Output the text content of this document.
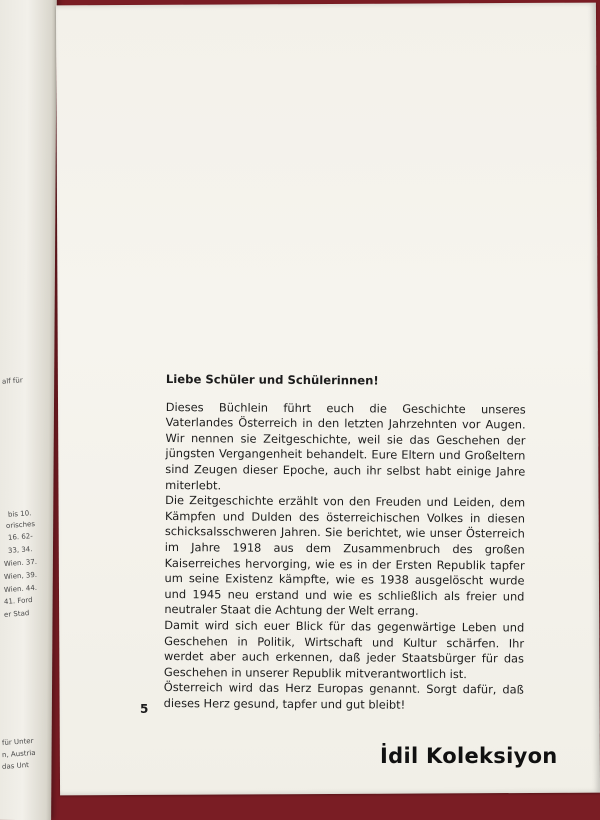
alf für
bis 10.
orisches
16. 62-
33, 34.
Wien. 37.
Wien, 39.
Wien. 44.
41. Ford
er Stad
für Unter
n, Austria
das Unt
Liebe Schüler und Schülerinnen!

Dieses Büchlein führt euch die Geschichte unseres Vaterlandes Österreich in den letzten Jahrzehnten vor Augen. Wir nennen sie Zeitgeschichte, weil sie das Geschehen der jüngsten Vergangenheit behandelt. Eure Eltern und Großeltern sind Zeugen dieser Epoche, auch ihr selbst habt einige Jahre miterlebt.

Die Zeitgeschichte erzählt von den Freuden und Leiden, dem Kämpfen und Dulden des österreichischen Volkes in diesen schicksalsschweren Jahren. Sie berichtet, wie unser Österreich im Jahre 1918 aus dem Zusammenbruch des großen Kaiserreiches hervorging, wie es in der Ersten Republik tapfer um seine Existenz kämpfte, wie es 1938 ausgelöscht wurde und 1945 neu erstand und wie es schließlich als freier und neutraler Staat die Achtung der Welt errang.

Damit wird sich euer Blick für das gegenwärtige Leben und Geschehen in Politik, Wirtschaft und Kultur schärfen. Ihr werdet aber auch erkennen, daß jeder Staatsbürger für das Geschehen in unserer Republik mitverantwortlich ist.

Österreich wird das Herz Europas genannt. Sorgt dafür, daß dieses Herz gesund, tapfer und gut bleibt!

5
İdil Koleksiyon
